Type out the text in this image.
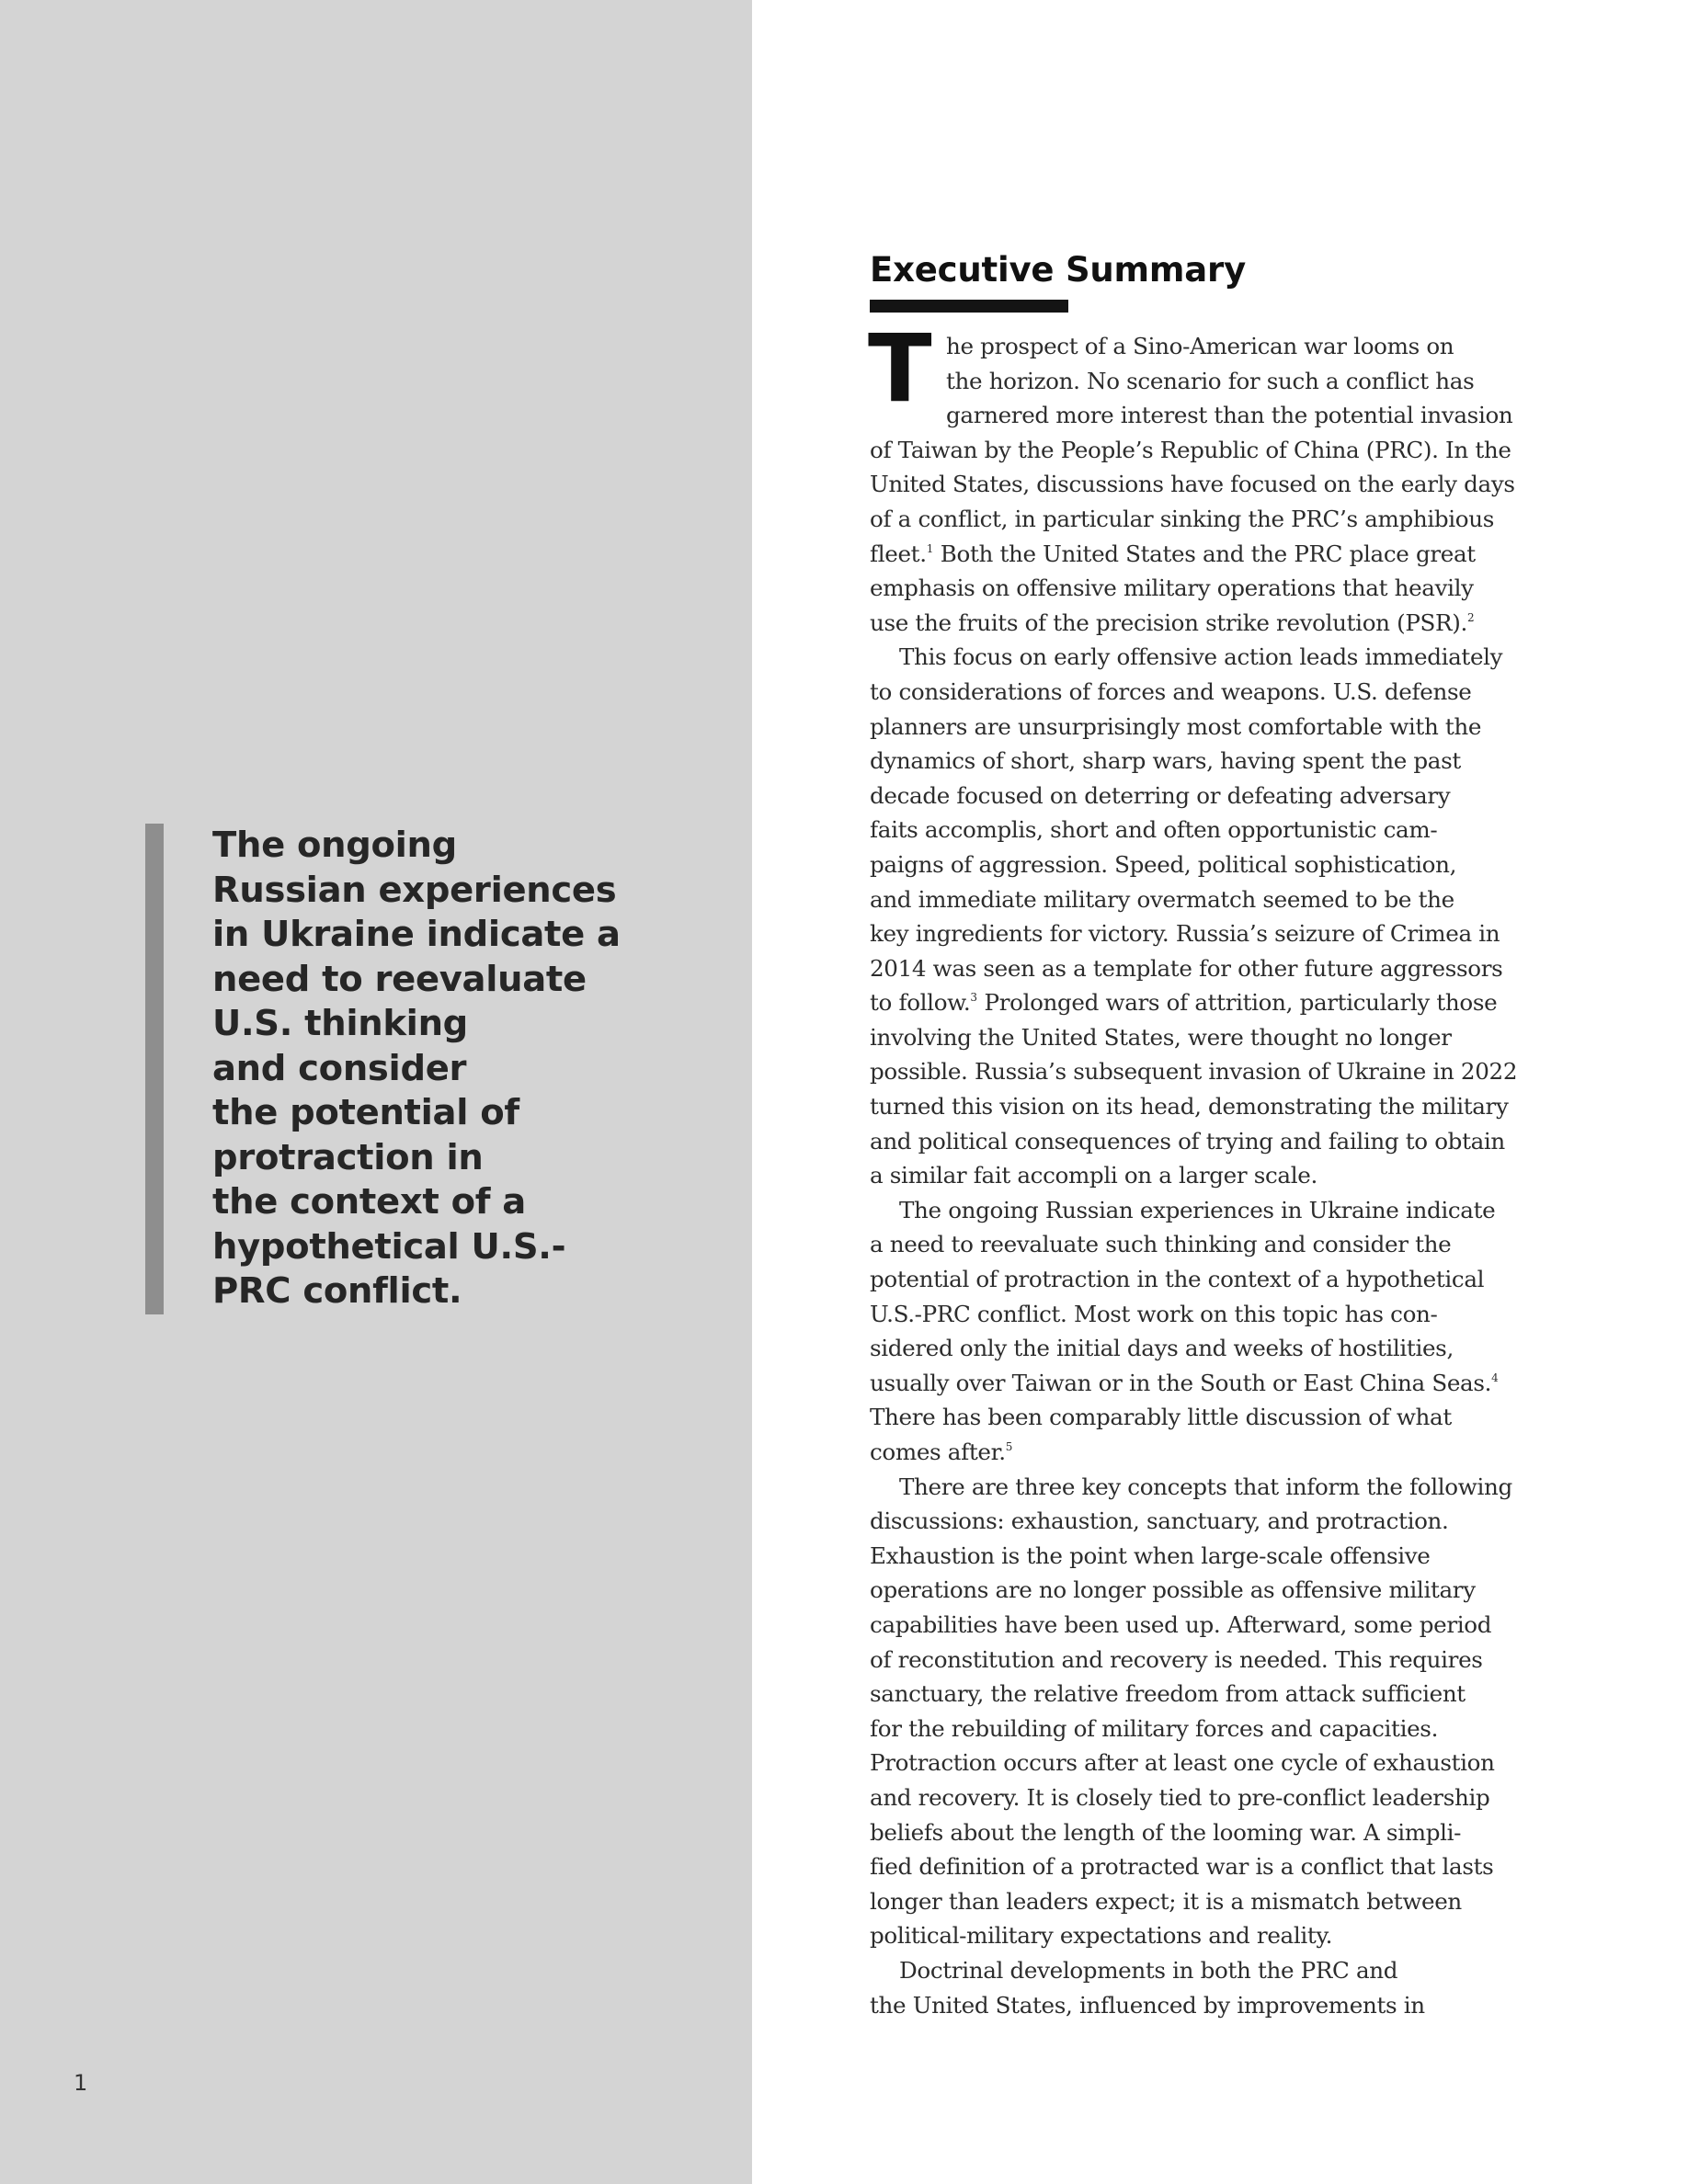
The ongoing
Russian experiences
in Ukraine indicate a
need to reevaluate
U.S. thinking
and consider
the potential of
protraction in
the context of a
hypothetical U.S.-
PRC conflict.

1
Executive Summary
T he prospect of a Sino-American war looms on
the horizon. No scenario for such a conflict has
garnered more interest than the potential invasion
of Taiwan by the People’s Republic of China (PRC). In the
United States, discussions have focused on the early days
of a conflict, in particular sinking the PRC’s amphibious
fleet.$^1$ Both the United States and the PRC place great
emphasis on offensive military operations that heavily
use the fruits of the precision strike revolution (PSR).$^2$
This focus on early offensive action leads immediately
to considerations of forces and weapons. U.S. defense
planners are unsurprisingly most comfortable with the
dynamics of short, sharp wars, having spent the past
decade focused on deterring or defeating adversary
faits accomplis, short and often opportunistic cam-
paigns of aggression. Speed, political sophistication,
and immediate military overmatch seemed to be the
key ingredients for victory. Russia’s seizure of Crimea in
2014 was seen as a template for other future aggressors
to follow.$^3$ Prolonged wars of attrition, particularly those
involving the United States, were thought no longer
possible. Russia’s subsequent invasion of Ukraine in 2022
turned this vision on its head, demonstrating the military
and political consequences of trying and failing to obtain
a similar fait accompli on a larger scale.
The ongoing Russian experiences in Ukraine indicate
a need to reevaluate such thinking and consider the
potential of protraction in the context of a hypothetical
U.S.-PRC conflict. Most work on this topic has con-
sidered only the initial days and weeks of hostilities,
usually over Taiwan or in the South or East China Seas.$^4$
There has been comparably little discussion of what
comes after.$^5$
There are three key concepts that inform the following
discussions: exhaustion, sanctuary, and protraction.
Exhaustion is the point when large-scale offensive
operations are no longer possible as offensive military
capabilities have been used up. Afterward, some period
of reconstitution and recovery is needed. This requires
sanctuary, the relative freedom from attack sufficient
for the rebuilding of military forces and capacities.
Protraction occurs after at least one cycle of exhaustion
and recovery. It is closely tied to pre-conflict leadership
beliefs about the length of the looming war. A simpli-
fied definition of a protracted war is a conflict that lasts
longer than leaders expect; it is a mismatch between
political-military expectations and reality.
Doctrinal developments in both the PRC and
the United States, influenced by improvements in
